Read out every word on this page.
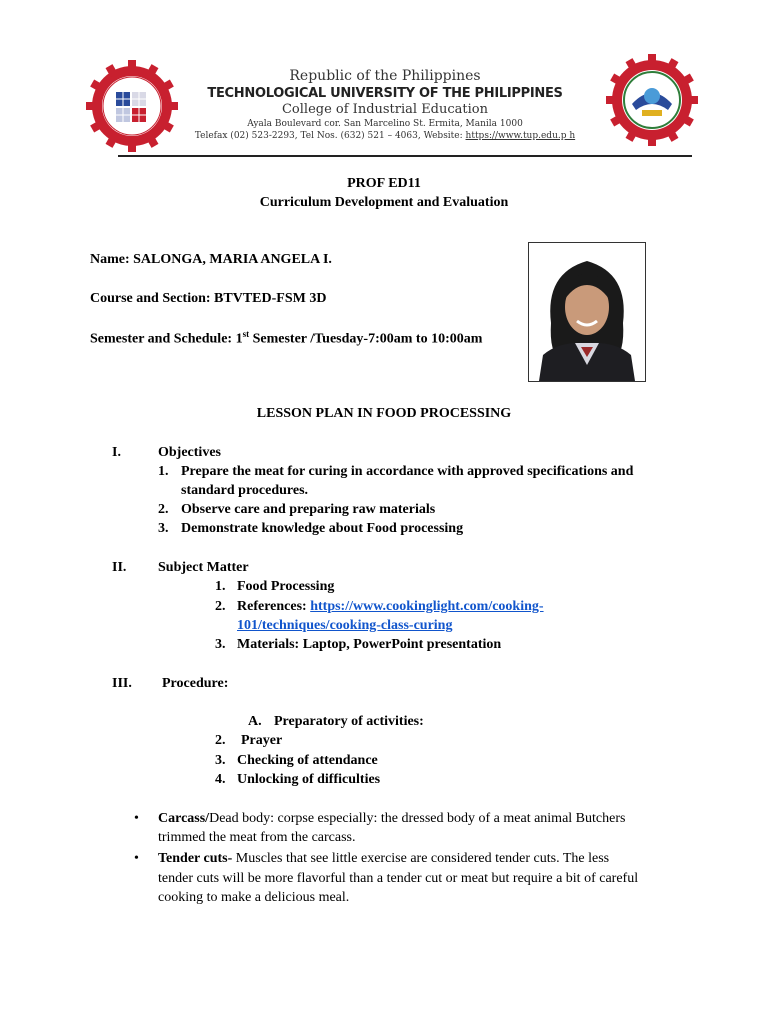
Republic of the Philippines
TECHNOLOGICAL UNIVERSITY OF THE PHILIPPINES
College of Industrial Education
Ayala Boulevard cor. San Marcelino St. Ermita, Manila 1000
Telefax (02) 523-2293, Tel Nos. (632) 521 – 4063, Website: https://www.tup.edu.p h
PROF ED11
Curriculum Development and Evaluation
Name: SALONGA, MARIA ANGELA I.
Course and Section: BTVTED-FSM 3D
Semester and Schedule: 1st Semester /Tuesday-7:00am to 10:00am
LESSON PLAN IN FOOD PROCESSING
I.	Objectives
1. Prepare the meat for curing in accordance with approved specifications and
standard procedures.
2. Observe care and preparing raw materials
3. Demonstrate knowledge about Food processing
II. Subject Matter
1. Food Processing
2. References: https://www.cookinglight.com/cooking-
101/techniques/cooking-class-curing
3. Materials: Laptop, PowerPoint presentation
III. Procedure:
A. Preparatory of activities:
2. Prayer
3. Checking of attendance
4. Unlocking of difficulties
• Carcass/Dead body: corpse especially: the dressed body of a meat animal Butchers
trimmed the meat from the carcass.
• Tender cuts- Muscles that see little exercise are considered tender cuts. The less
tender cuts will be more flavorful than a tender cut or meat but require a bit of careful
cooking to make a delicious meal.
